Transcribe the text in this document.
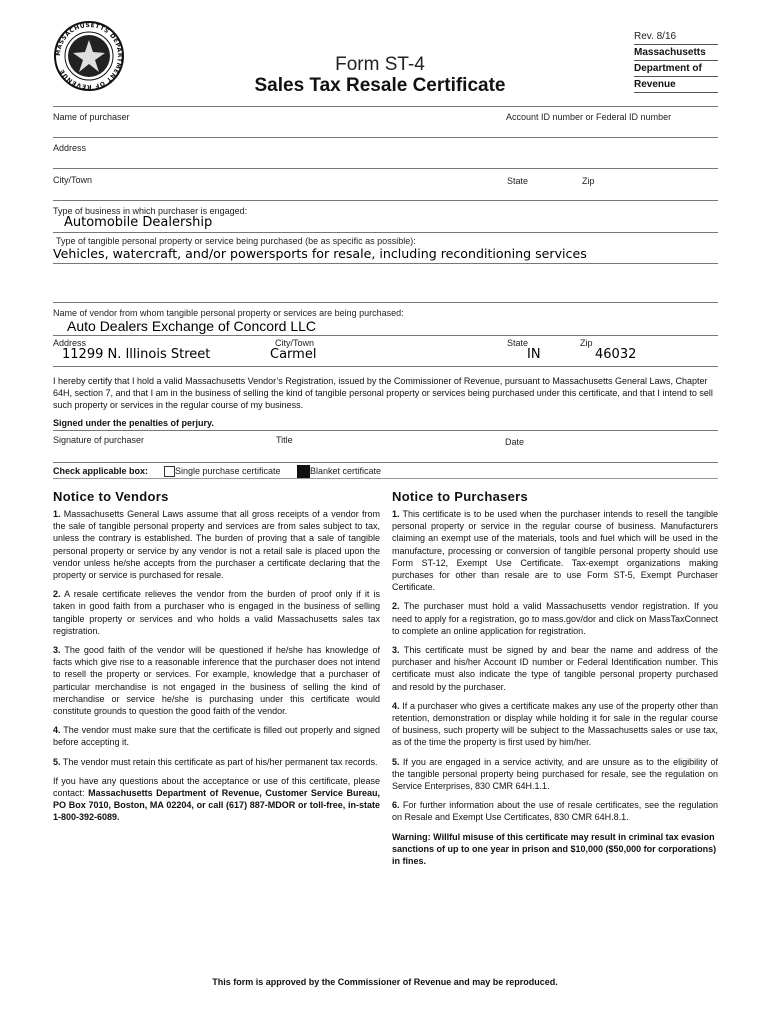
MASSACHUSETTS DEPARTMENT OF REVENUE
Rev. 8/16
Form ST-4
Sales Tax Resale Certificate
Massachusetts
Department of
Revenue
Name of purchaser	Account ID number or Federal ID number
Address
City/Town	State	Zip
Type of business in which purchaser is engaged:
Automobile Dealership
Type of tangible personal property or service being purchased (be as specific as possible):
Vehicles, watercraft, and/or powersports for resale, including reconditioning services
Name of vendor from whom tangible personal property or services are being purchased:
Auto Dealers Exchange of Concord LLC
Address	City/Town	State	Zip
11299 N. Illinois Street	Carmel	IN	46032
I hereby certify that I hold a valid Massachusetts Vendor’s Registration, issued by the Commissioner of Revenue, pursuant to Massachusetts General Laws, Chapter 64H, section 7, and that I am in the business of selling the kind of tangible personal property or services being purchased under this certificate, and that I intend to sell such property or services in the regular course of my business.
Signed under the penalties of perjury.
Signature of purchaser	Title	Date
Check applicable box:	Single purchase certificate	Blanket certificate
Notice to Vendors

1. Massachusetts General Laws assume that all gross receipts of a vendor from the sale of tangible personal property and services are from sales subject to tax, unless the contrary is established. The burden of proving that a sale of tangible personal property or service by any vendor is not a retail sale is placed upon the vendor unless he/she accepts from the purchaser a certificate declaring that the property or service is purchased for resale.

2. A resale certificate relieves the vendor from the burden of proof only if it is taken in good faith from a purchaser who is engaged in the business of selling tangible property or services and who holds a valid Massachusetts sales tax registration.

3. The good faith of the vendor will be questioned if he/she has knowledge of facts which give rise to a reasonable inference that the purchaser does not intend to resell the property or services. For example, knowledge that a purchaser of particular merchandise is not engaged in the business of selling the kind of merchandise or service he/she is purchasing under this certificate would constitute grounds to question the good faith of the vendor.

4. The vendor must make sure that the certificate is filled out properly and signed before accepting it.

5. The vendor must retain this certificate as part of his/her permanent tax records.

If you have any questions about the acceptance or use of this certificate, please contact: Massachusetts Department of Revenue, Customer Service Bureau, PO Box 7010, Boston, MA 02204, or call (617) 887-MDOR or toll-free, in-state 1-800-392-6089.

Notice to Purchasers

1. This certificate is to be used when the purchaser intends to resell the tangible personal property or service in the regular course of business. Manufacturers claiming an exempt use of the materials, tools and fuel which will be used in the manufacture, processing or conversion of tangible personal property should use Form ST-12, Exempt Use Certificate. Tax-exempt organizations making purchases for other than resale are to use Form ST-5, Exempt Purchaser Certificate.

2. The purchaser must hold a valid Massachusetts vendor registration. If you need to apply for a registration, go to mass.gov/dor and click on MassTaxConnect to complete an online application for registration.

3. This certificate must be signed by and bear the name and address of the purchaser and his/her Account ID number or Federal Identification number. This certificate must also indicate the type of tangible personal property purchased and resold by the purchaser.

4. If a purchaser who gives a certificate makes any use of the property other than retention, demonstration or display while holding it for sale in the regular course of business, such property will be subject to the Massachusetts sales or use tax, as of the time the property is first used by him/her.

5. If you are engaged in a service activity, and are unsure as to the eligibility of the tangible personal property being purchased for resale, see the regulation on Service Enterprises, 830 CMR 64H.1.1.

6. For further information about the use of resale certificates, see the regulation on Resale and Exempt Use Certificates, 830 CMR 64H.8.1.

Warning: Willful misuse of this certificate may result in criminal tax evasion sanctions of up to one year in prison and $10,000 ($50,000 for corporations) in fines.

This form is approved by the Commissioner of Revenue and may be reproduced.
